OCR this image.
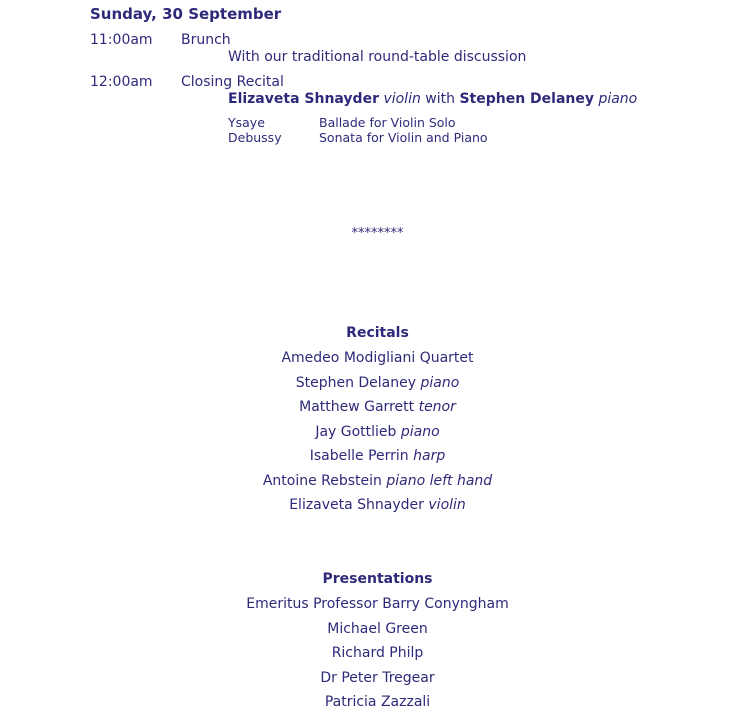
Sunday, 30 September
11:00am Brunch
With our traditional round-table discussion
12:00am Closing Recital
Elizaveta Shnayder violin with Stephen Delaney piano
Ysaye	Ballade for Violin Solo
Debussy	Sonata for Violin and Piano
********
Recitals
Amedeo Modigliani Quartet
Stephen Delaney piano
Matthew Garrett tenor
Jay Gottlieb piano
Isabelle Perrin harp
Antoine Rebstein piano left hand
Elizaveta Shnayder violin
Presentations
Emeritus Professor Barry Conyngham
Michael Green
Richard Philp
Dr Peter Tregear
Patricia Zazzali
